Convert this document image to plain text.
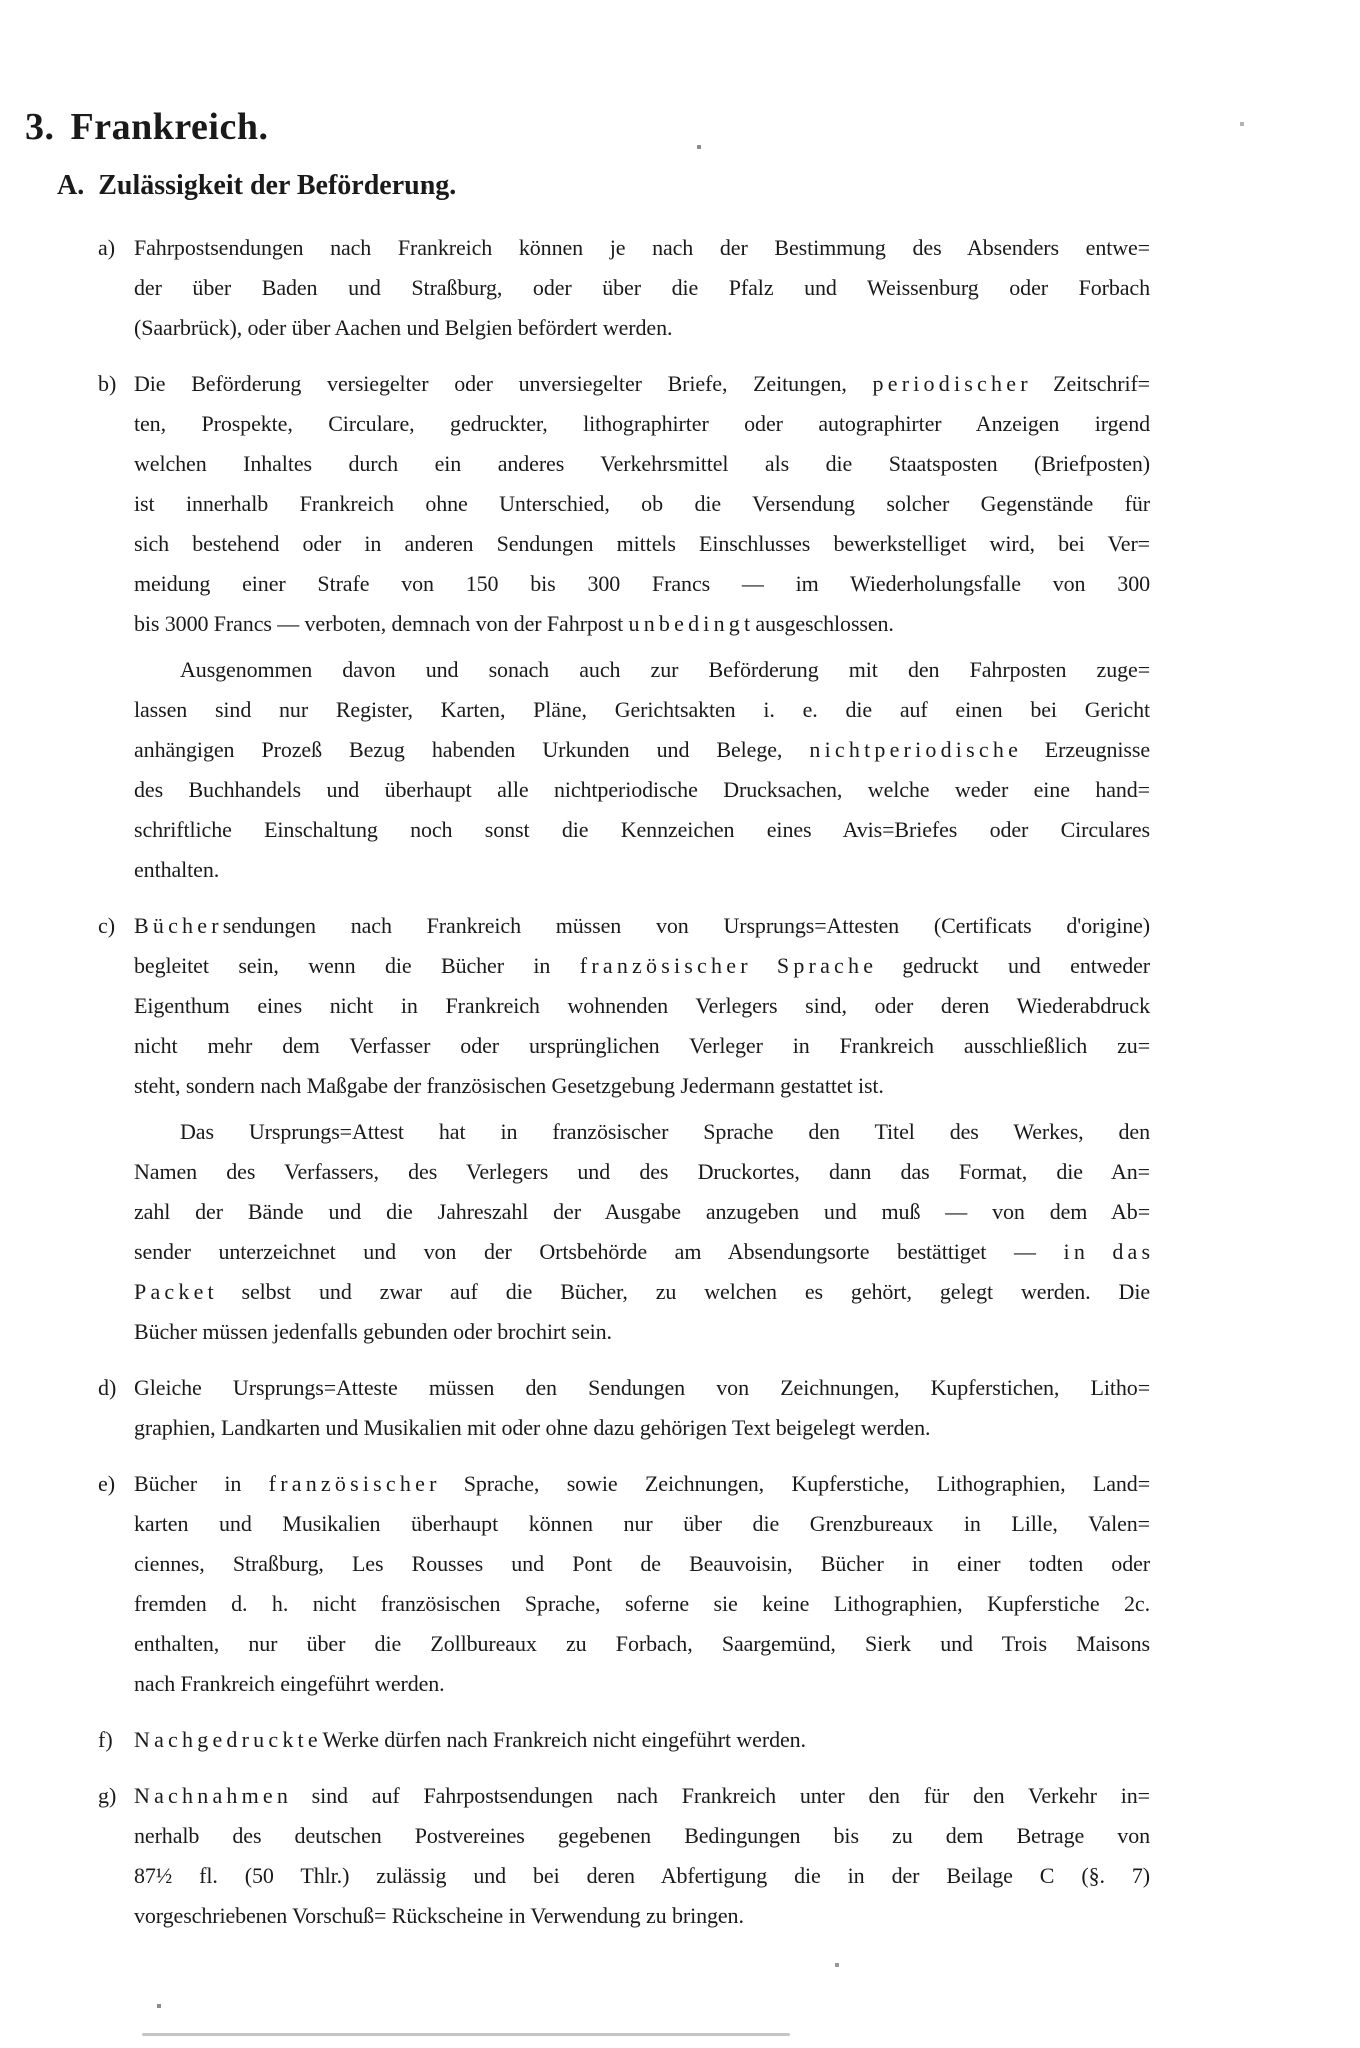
3. Frankreich.
A. Zulässigkeit der Beförderung.
a) Fahrpostsendungen nach Frankreich können je nach der Bestimmung des Absenders entwe=
der über Baden und Straßburg, oder über die Pfalz und Weissenburg oder Forbach
(Saarbrück), oder über Aachen und Belgien befördert werden.
b) Die Beförderung versiegelter oder unversiegelter Briefe, Zeitungen, p e r i o d i s c h e r Zeitschrif=
ten, Prospekte, Circulare, gedruckter, lithographirter oder autographirter Anzeigen irgend
welchen Inhaltes durch ein anderes Verkehrsmittel als die Staatsposten (Briefposten)
ist innerhalb Frankreich ohne Unterschied, ob die Versendung solcher Gegenstände für
sich bestehend oder in anderen Sendungen mittels Einschlusses bewerkstelliget wird, bei Ver=
meidung einer Strafe von 150 bis 300 Francs — im Wiederholungsfalle von 300
bis 3000 Francs — verboten, demnach von der Fahrpost u n b e d i n g t ausgeschlossen.
Ausgenommen davon und sonach auch zur Beförderung mit den Fahrposten zuge=
lassen sind nur Register, Karten, Pläne, Gerichtsakten i. e. die auf einen bei Gericht
anhängigen Prozeß Bezug habenden Urkunden und Belege, n i c h t p e r i o d i s c h e Erzeugnisse
des Buchhandels und überhaupt alle nichtperiodische Drucksachen, welche weder eine hand=
schriftliche Einschaltung noch sonst die Kennzeichen eines Avis=Briefes oder Circulares
enthalten.
c) B ü c h e r sendungen nach Frankreich müssen von Ursprungs=Attesten (Certificats d'origine)
begleitet sein, wenn die Bücher in f r a n z ö s i s c h e r S p r a c h e gedruckt und entweder
Eigenthum eines nicht in Frankreich wohnenden Verlegers sind, oder deren Wiederabdruck
nicht mehr dem Verfasser oder ursprünglichen Verleger in Frankreich ausschließlich zu=
steht, sondern nach Maßgabe der französischen Gesetzgebung Jedermann gestattet ist.
Das Ursprungs=Attest hat in französischer Sprache den Titel des Werkes, den
Namen des Verfassers, des Verlegers und des Druckortes, dann das Format, die An=
zahl der Bände und die Jahreszahl der Ausgabe anzugeben und muß — von dem Ab=
sender unterzeichnet und von der Ortsbehörde am Absendungsorte bestättiget — i n d a s
P a c k e t selbst und zwar auf die Bücher, zu welchen es gehört, gelegt werden. Die
Bücher müssen jedenfalls gebunden oder brochirt sein.
d) Gleiche Ursprungs=Atteste müssen den Sendungen von Zeichnungen, Kupferstichen, Litho=
graphien, Landkarten und Musikalien mit oder ohne dazu gehörigen Text beigelegt werden.
e) Bücher in f r a n z ö s i s c h e r Sprache, sowie Zeichnungen, Kupferstiche, Lithographien, Land=
karten und Musikalien überhaupt können nur über die Grenzbureaux in Lille, Valen=
ciennes, Straßburg, Les Rousses und Pont de Beauvoisin, Bücher in einer todten oder
fremden d. h. nicht französischen Sprache, soferne sie keine Lithographien, Kupferstiche 2c.
enthalten, nur über die Zollbureaux zu Forbach, Saargemünd, Sierk und Trois Maisons
nach Frankreich eingeführt werden.
f) N a c h g e d r u c k t e Werke dürfen nach Frankreich nicht eingeführt werden.
g) N a c h n a h m e n sind auf Fahrpostsendungen nach Frankreich unter den für den Verkehr in=
nerhalb des deutschen Postvereines gegebenen Bedingungen bis zu dem Betrage von
87½ fl. (50 Thlr.) zulässig und bei deren Abfertigung die in der Beilage C (§. 7)
vorgeschriebenen Vorschuß= Rückscheine in Verwendung zu bringen.
